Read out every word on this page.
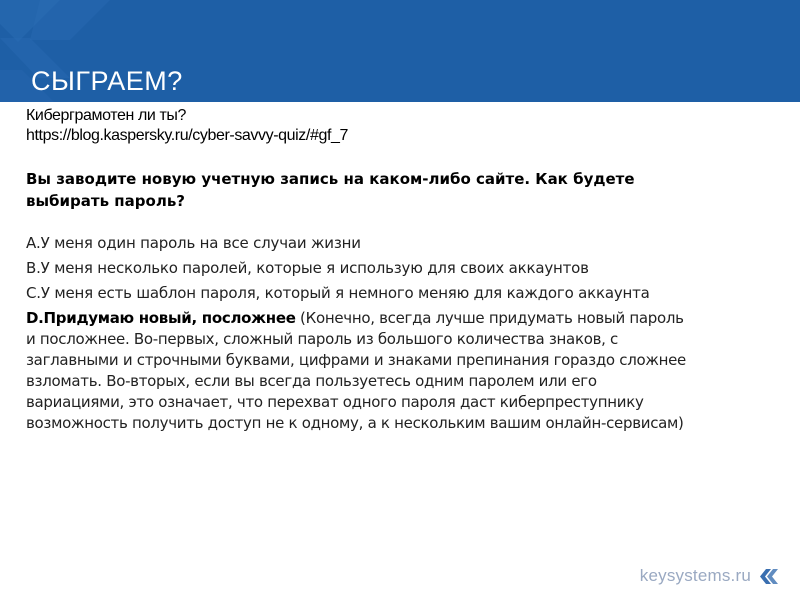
СЫГРАЕМ?
Киберграмотен ли ты?
https://blog.kaspersky.ru/cyber-savvy-quiz/#gf_7
Вы заводите новую учетную запись на каком-либо сайте. Как будете выбирать пароль?
А.У меня один пароль на все случаи жизни
В.У меня несколько паролей, которые я использую для своих аккаунтов
С.У меня есть шаблон пароля, который я немного меняю для каждого аккаунта
D.Придумаю новый, посложнее (Конечно, всегда лучше придумать новый пароль и посложнее. Во-первых, сложный пароль из большого количества знаков, с заглавными и строчными буквами, цифрами и знаками препинания гораздо сложнее взломать. Во-вторых, если вы всегда пользуетесь одним паролем или его вариациями, это означает, что перехват одного пароля даст киберпреступнику возможность получить доступ не к одному, а к нескольким вашим онлайн-сервисам)
keysystems.ru
